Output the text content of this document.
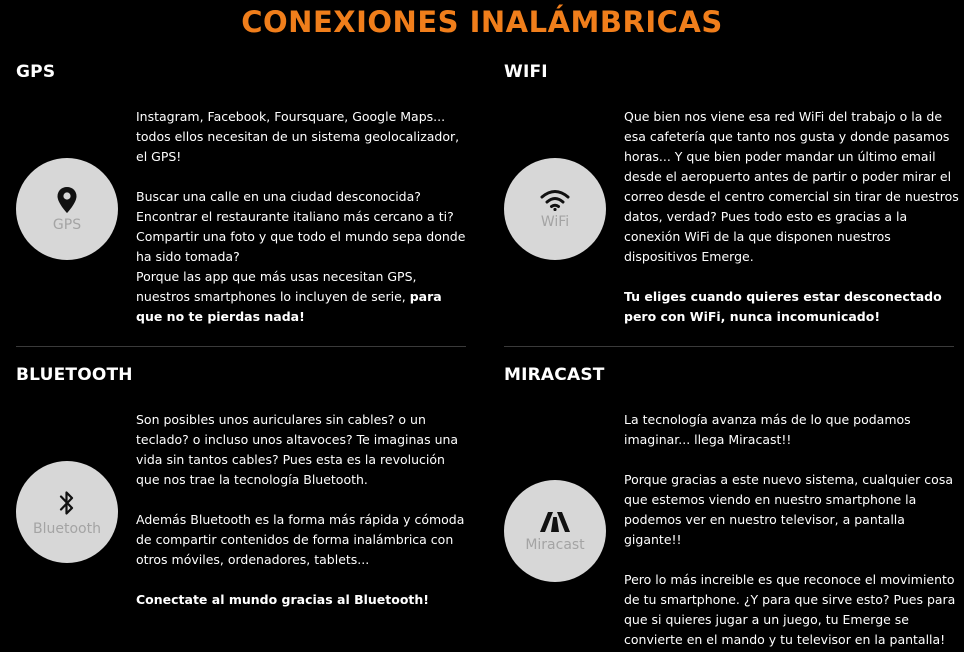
CONEXIONES INALÁMBRICAS
GPS
GPS

Instagram, Facebook, Foursquare, Google Maps... todos ellos necesitan de un sistema geolocalizador, el GPS!

Buscar una calle en una ciudad desconocida? Encontrar el restaurante italiano más cercano a ti? Compartir una foto y que todo el mundo sepa donde ha sido tomada?

Porque las app que más usas necesitan GPS, nuestros smartphones lo incluyen de serie, para que no te pierdas nada!

WIFI
WiFi

Que bien nos viene esa red WiFi del trabajo o la de esa cafetería que tanto nos gusta y donde pasamos horas... Y que bien poder mandar un último email desde el aeropuerto antes de partir o poder mirar el correo desde el centro comercial sin tirar de nuestros datos, verdad? Pues todo esto es gracias a la conexión WiFi de la que disponen nuestros dispositivos Emerge.

Tu eliges cuando quieres estar desconectado pero con WiFi, nunca incomunicado!

BLUETOOTH
Bluetooth

Son posibles unos auriculares sin cables? o un teclado? o incluso unos altavoces? Te imaginas una vida sin tantos cables? Pues esta es la revolución que nos trae la tecnología Bluetooth.

Además Bluetooth es la forma más rápida y cómoda de compartir contenidos de forma inalámbrica con otros móviles, ordenadores, tablets...

Conectate al mundo gracias al Bluetooth!

MIRACAST
Miracast

La tecnología avanza más de lo que podamos imaginar... llega Miracast!!

Porque gracias a este nuevo sistema, cualquier cosa que estemos viendo en nuestro smartphone la podemos ver en nuestro televisor, a pantalla gigante!!

Pero lo más increible es que reconoce el movimiento de tu smartphone. ¿Y para que sirve esto? Pues para que si quieres jugar a un juego, tu Emerge se convierte en el mando y tu televisor en la pantalla!
